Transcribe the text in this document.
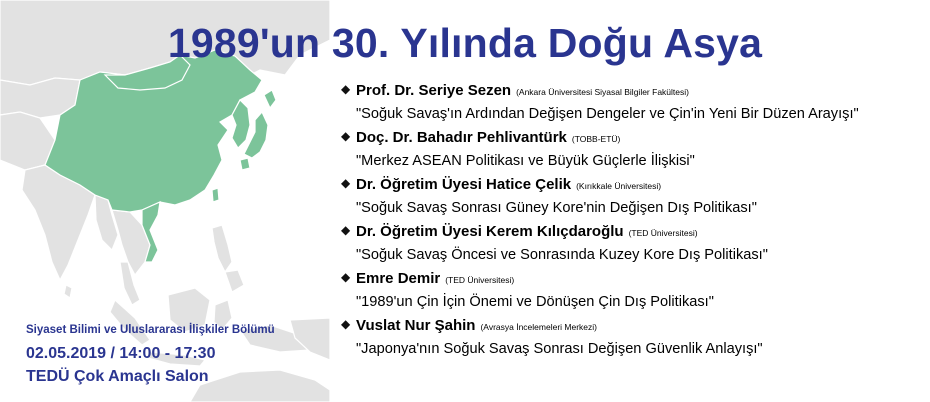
1989'un 30. Yılında Doğu Asya
◆ Prof. Dr. Seriye Sezen (Ankara Üniversitesi Siyasal Bilgiler Fakültesi)
"Soğuk Savaş'ın Ardından Değişen Dengeler ve Çin'in Yeni Bir Düzen Arayışı"
◆ Doç. Dr. Bahadır Pehlivantürk (TOBB-ETÜ)
"Merkez ASEAN Politikası ve Büyük Güçlerle İlişkisi"
◆ Dr. Öğretim Üyesi Hatice Çelik (Kırıkkale Üniversitesi)
"Soğuk Savaş Sonrası Güney Kore'nin Değişen Dış Politikası"
◆ Dr. Öğretim Üyesi Kerem Kılıçdaroğlu (TED Üniversitesi)
"Soğuk Savaş Öncesi ve Sonrasında Kuzey Kore Dış Politikası"
◆ Emre Demir (TED Üniversitesi)
"1989'un Çin İçin Önemi ve Dönüşen Çin Dış Politikası"
◆ Vuslat Nur Şahin (Avrasya İncelemeleri Merkezi)
"Japonya'nın Soğuk Savaş Sonrası Değişen Güvenlik Anlayışı"

Siyaset Bilimi ve Uluslararası İlişkiler Bölümü

02.05.2019 / 14:00 - 17:30

TEDÜ Çok Amaçlı Salon
